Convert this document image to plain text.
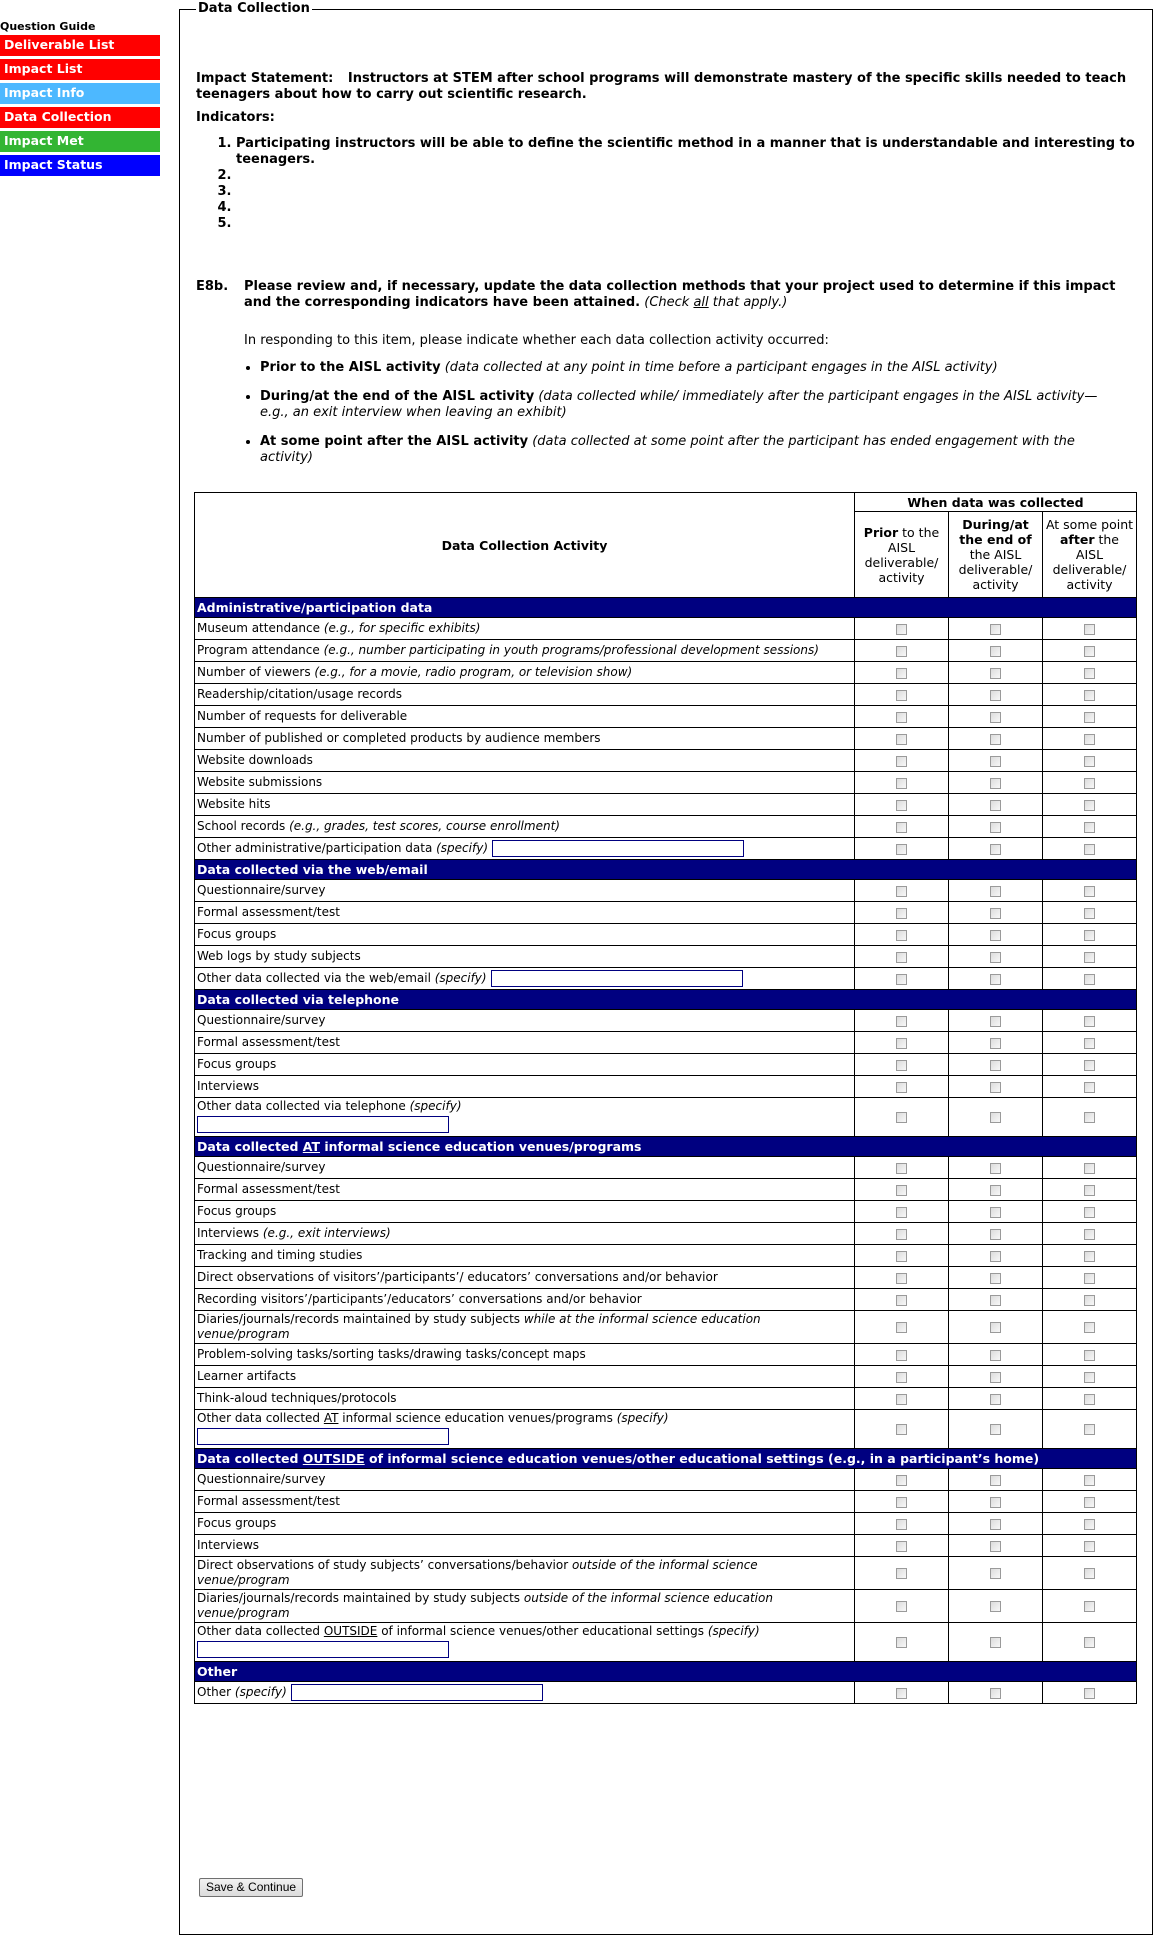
Question Guide
Deliverable List
Impact List
Impact Info
Data Collection
Impact Met
Impact Status
Data Collection
Impact Statement: Instructors at STEM after school programs will demonstrate mastery of the specific skills needed to teach teenagers about how to carry out scientific research.
Indicators:
1. Participating instructors will be able to define the scientific method in a manner that is understandable and interesting to teenagers.
2.
3.
4.
5.
E8b. Please review and, if necessary, update the data collection methods that your project used to determine if this impact and the corresponding indicators have been attained. (Check all that apply.)
In responding to this item, please indicate whether each data collection activity occurred:
• Prior to the AISL activity (data collected at any point in time before a participant engages in the AISL activity)
• During/at the end of the AISL activity (data collected while/ immediately after the participant engages in the AISL activity—e.g., an exit interview when leaving an exhibit)
• At some point after the AISL activity (data collected at some point after the participant has ended engagement with the activity)
Data Collection Activity	When data was collected		
	Prior to the AISL deliverable/ activity	During/at the end of the AISL deliverable/ activity	At some point after the AISL deliverable/ activity
Administrative/participation data			
Museum attendance (e.g., for specific exhibits)			
Program attendance (e.g., number participating in youth programs/professional development sessions)			
Number of viewers (e.g., for a movie, radio program, or television show)			
Readership/citation/usage records			
Number of requests for deliverable			
Number of published or completed products by audience members			
Website downloads			
Website submissions			
Website hits			
School records (e.g., grades, test scores, course enrollment)			
Other administrative/participation data (specify)			
Data collected via the web/email			
Questionnaire/survey			
Formal assessment/test			
Focus groups			
Web logs by study subjects			
Other data collected via the web/email (specify)			
Data collected via telephone			
Questionnaire/survey			
Formal assessment/test			
Focus groups			
Interviews			
Other data collected via telephone (specify)

Data collected AT informal science education venues/programs			
Questionnaire/survey			
Formal assessment/test			
Focus groups			
Interviews (e.g., exit interviews)			
Tracking and timing studies			
Direct observations of visitors’/participants’/ educators’ conversations and/or behavior			
Recording visitors’/participants’/educators’ conversations and/or behavior			
Diaries/journals/records maintained by study subjects while at the informal science education venue/program			
Problem-solving tasks/sorting tasks/drawing tasks/concept maps			
Learner artifacts			
Think-aloud techniques/protocols			
Other data collected AT informal science education venues/programs (specify)

Data collected OUTSIDE of informal science education venues/other educational settings (e.g., in a participant’s home)			
Questionnaire/survey			
Formal assessment/test			
Focus groups			
Interviews			
Direct observations of study subjects’ conversations/behavior outside of the informal science venue/program			
Diaries/journals/records maintained by study subjects outside of the informal science education venue/program			
Other data collected OUTSIDE of informal science venues/other educational settings (specify)

Other			
Other (specify)			
Save & Continue
